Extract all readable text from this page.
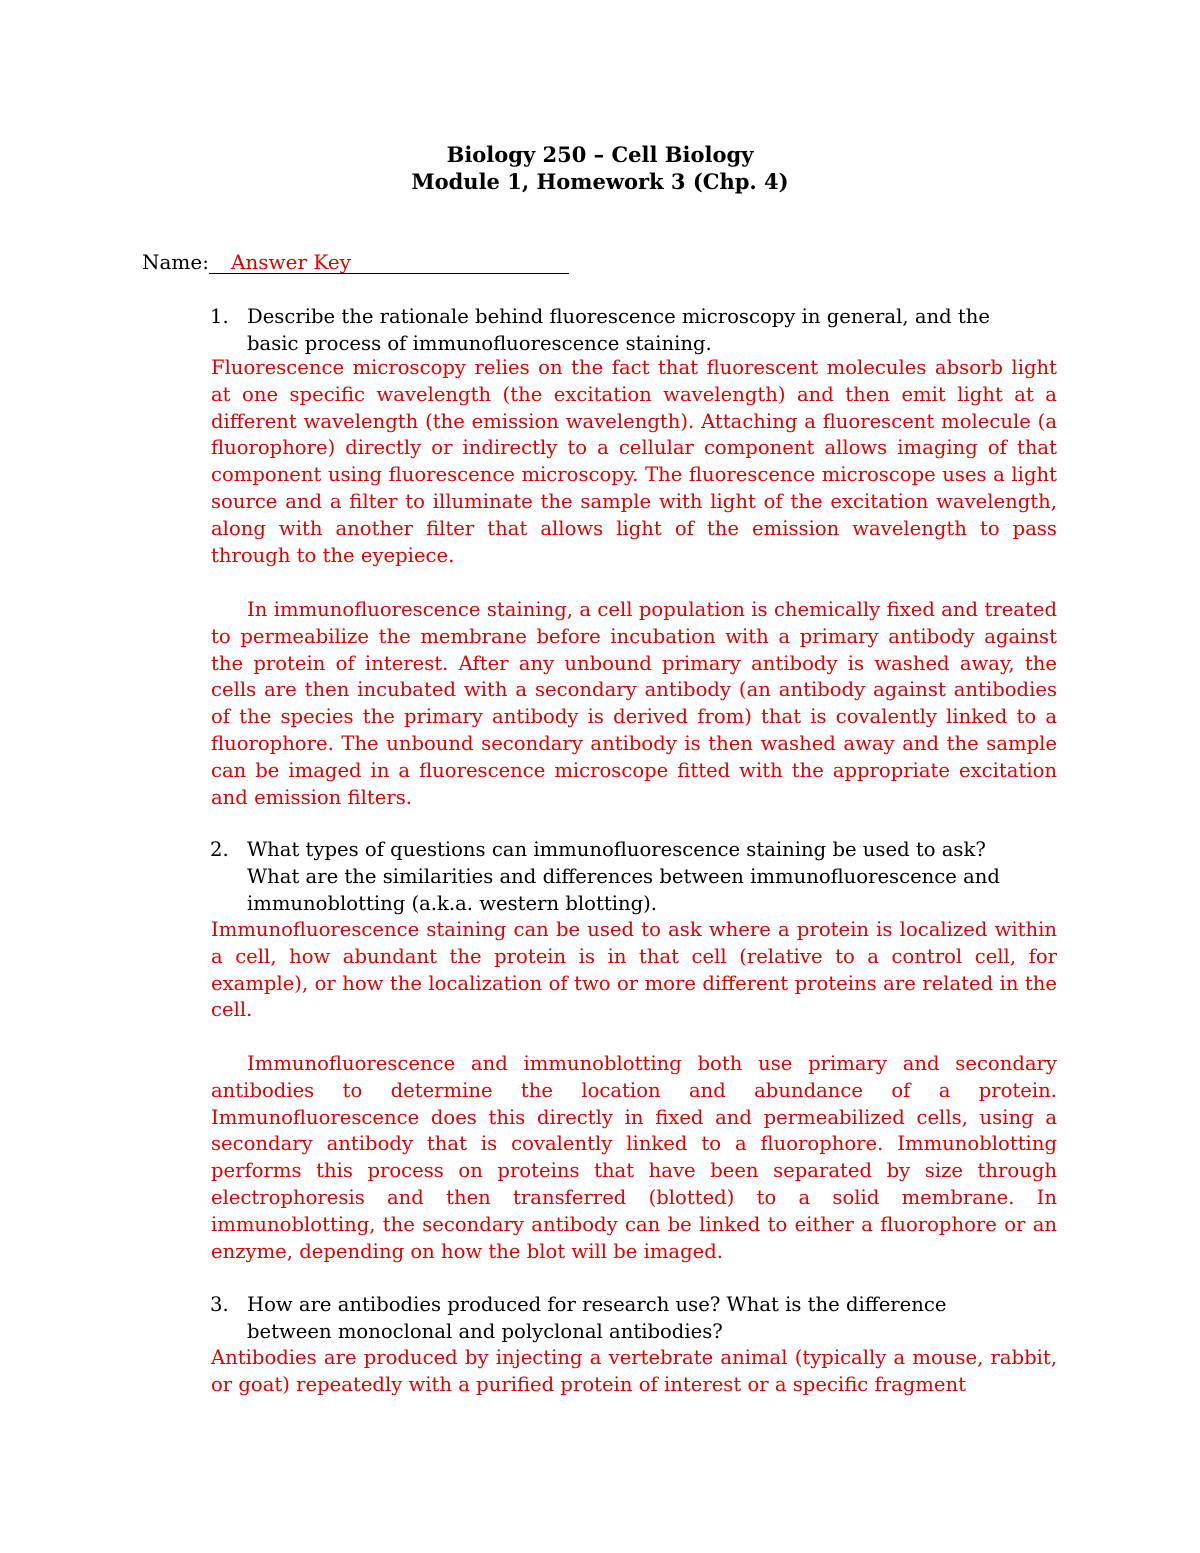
Biology 250 – Cell Biology
Module 1, Homework 3 (Chp. 4)
Name: Answer Key
1. Describe the rationale behind fluorescence microscopy in general, and the basic process of immunofluorescence staining.
Fluorescence microscopy relies on the fact that fluorescent molecules absorb light at one specific wavelength (the excitation wavelength) and then emit light at a different wavelength (the emission wavelength). Attaching a fluorescent molecule (a fluorophore) directly or indirectly to a cellular component allows imaging of that component using fluorescence microscopy. The fluorescence microscope uses a light source and a filter to illuminate the sample with light of the excitation wavelength, along with another filter that allows light of the emission wavelength to pass through to the eyepiece.
In immunofluorescence staining, a cell population is chemically fixed and treated to permeabilize the membrane before incubation with a primary antibody against the protein of interest. After any unbound primary antibody is washed away, the cells are then incubated with a secondary antibody (an antibody against antibodies of the species the primary antibody is derived from) that is covalently linked to a fluorophore. The unbound secondary antibody is then washed away and the sample can be imaged in a fluorescence microscope fitted with the appropriate excitation and emission filters.
2. What types of questions can immunofluorescence staining be used to ask? What are the similarities and differences between immunofluorescence and immunoblotting (a.k.a. western blotting).
Immunofluorescence staining can be used to ask where a protein is localized within a cell, how abundant the protein is in that cell (relative to a control cell, for example), or how the localization of two or more different proteins are related in the cell.
Immunofluorescence and immunoblotting both use primary and secondary antibodies to determine the location and abundance of a protein. Immunofluorescence does this directly in fixed and permeabilized cells, using a secondary antibody that is covalently linked to a fluorophore. Immunoblotting performs this process on proteins that have been separated by size through electrophoresis and then transferred (blotted) to a solid membrane. In immunoblotting, the secondary antibody can be linked to either a fluorophore or an enzyme, depending on how the blot will be imaged.
3. How are antibodies produced for research use? What is the difference between monoclonal and polyclonal antibodies?
Antibodies are produced by injecting a vertebrate animal (typically a mouse, rabbit, or goat) repeatedly with a purified protein of interest or a specific fragment
